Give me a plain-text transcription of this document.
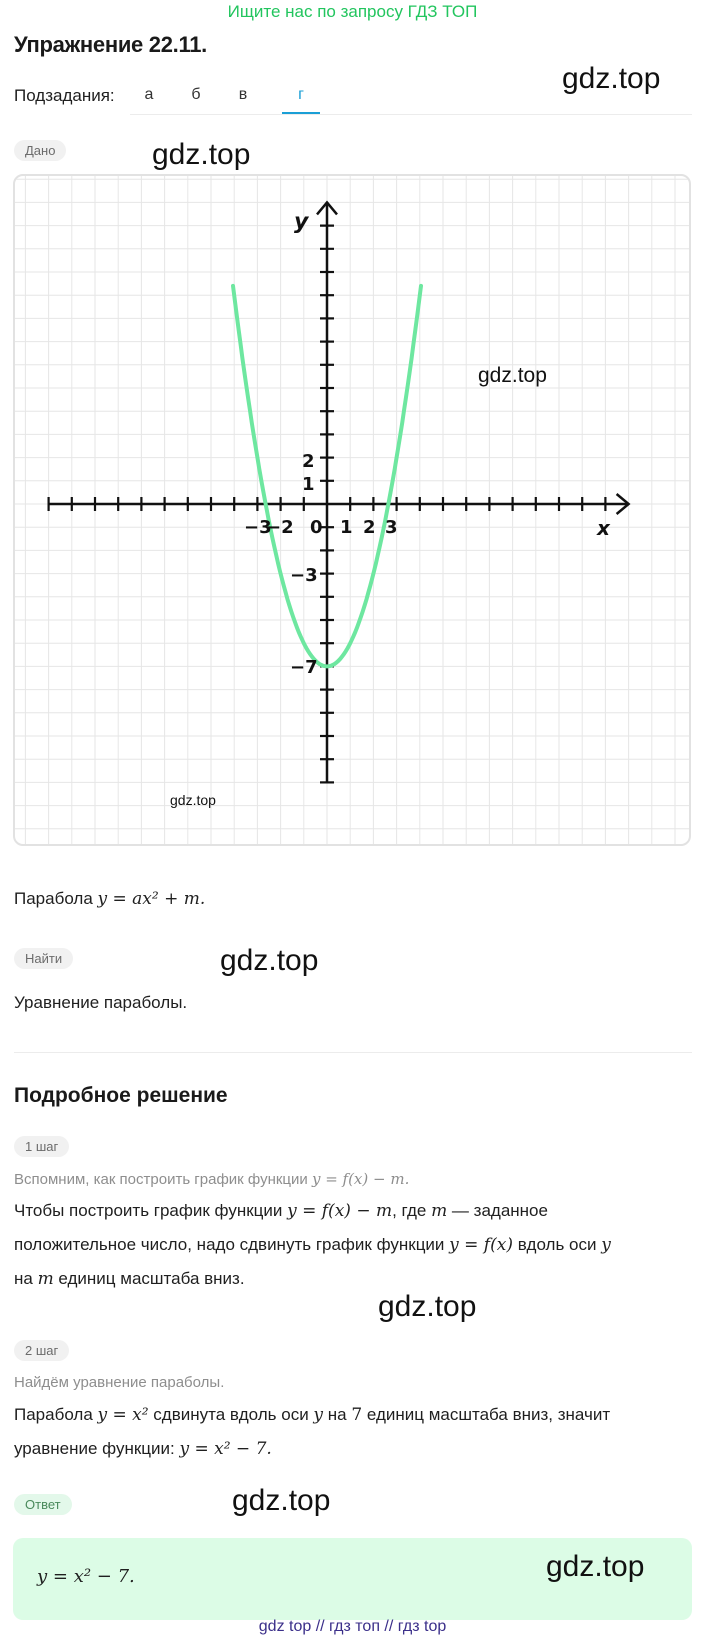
Ищите нас по запросу ГДЗ ТОП
Упражнение 22.11.
Подзадания:	а	б	в	г	gdz.top
Дано	gdz.top
−3
−2 0 1 2 3
2
1
−3
−7
x
y
gdz.top
gdz.top
Парабола y = ax² + m.
Найти	gdz.top
Уравнение параболы.
Подробное решение
1 шаг
Вспомним, как построить график функции y = f(x) − m.
Чтобы построить график функции y = f(x) − m, где m — заданное
положительное число, надо сдвинуть график функции y = f(x) вдоль оси y
на m единиц масштаба вниз.
gdz.top
2 шаг
Найдём уравнение параболы.
Парабола y = x² сдвинута вдоль оси y на 7 единиц масштаба вниз, значит
уравнение функции: y = x² − 7.
Ответ	gdz.top
y = x² − 7.	gdz.top
gdz top // гдз топ // гдз top
